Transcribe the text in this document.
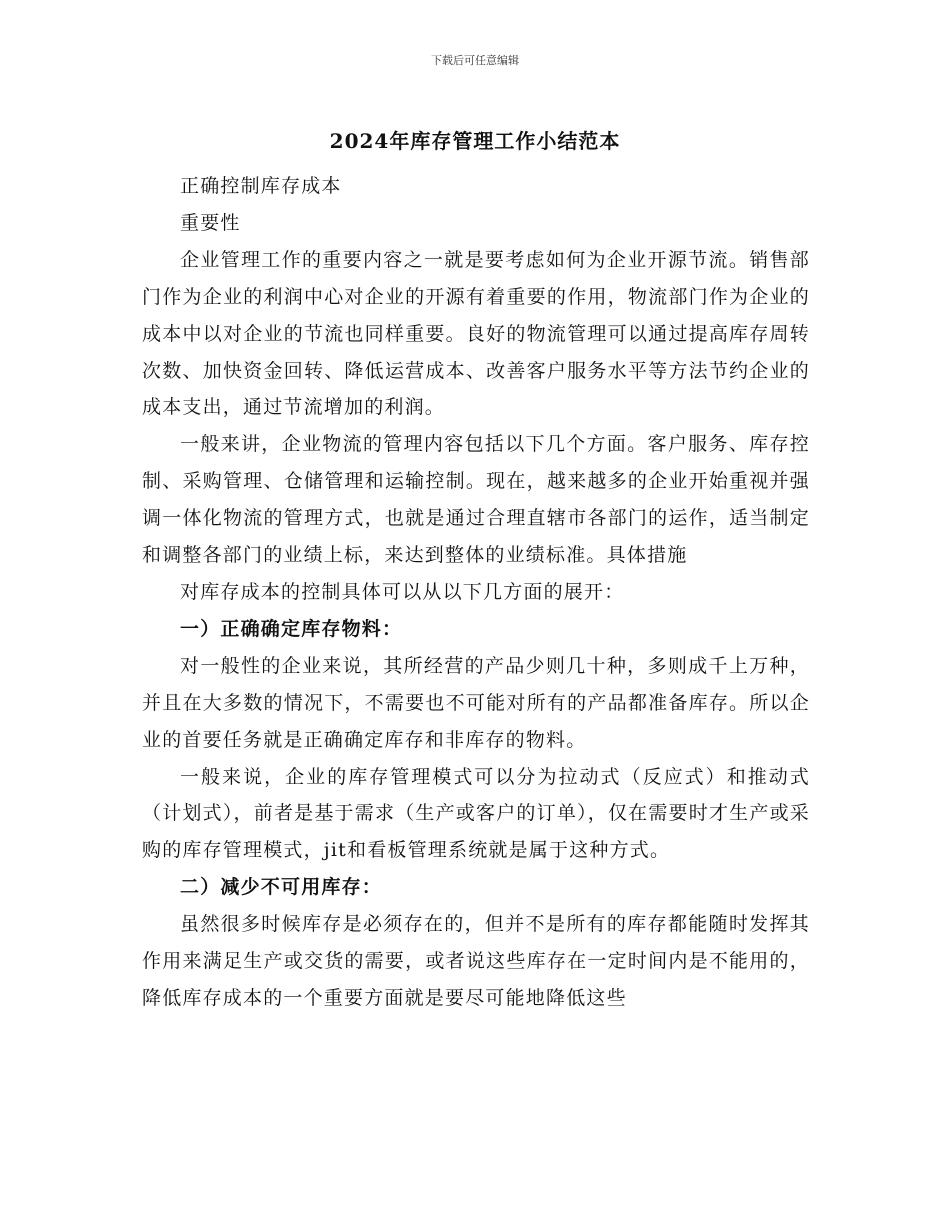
下载后可任意编辑
2024年库存管理工作小结范本

正确控制库存成本

重要性

企业管理工作的重要内容之一就是要考虑如何为企业开源节流。销售部门作为企业的利润中心对企业的开源有着重要的作用，物流部门作为企业的成本中以对企业的节流也同样重要。良好的物流管理可以通过提高库存周转次数、加快资金回转、降低运营成本、改善客户服务水平等方法节约企业的成本支出，通过节流增加的利润。

一般来讲，企业物流的管理内容包括以下几个方面。客户服务、库存控制、采购管理、仓储管理和运输控制。现在，越来越多的企业开始重视并强调一体化物流的管理方式，也就是通过合理直辖市各部门的运作，适当制定和调整各部门的业绩上标，来达到整体的业绩标准。具体措施

对库存成本的控制具体可以从以下几方面的展开：

一）正确确定库存物料：

对一般性的企业来说，其所经营的产品少则几十种，多则成千上万种，并且在大多数的情况下，不需要也不可能对所有的产品都准备库存。所以企业的首要任务就是正确确定库存和非库存的物料。

一般来说，企业的库存管理模式可以分为拉动式（反应式）和推动式（计划式），前者是基于需求（生产或客户的订单），仅在需要时才生产或采购的库存管理模式，jit和看板管理系统就是属于这种方式。

二）减少不可用库存：

虽然很多时候库存是必须存在的，但并不是所有的库存都能随时发挥其作用来满足生产或交货的需要，或者说这些库存在一定时间内是不能用的，降低库存成本的一个重要方面就是要尽可能地降低这些
